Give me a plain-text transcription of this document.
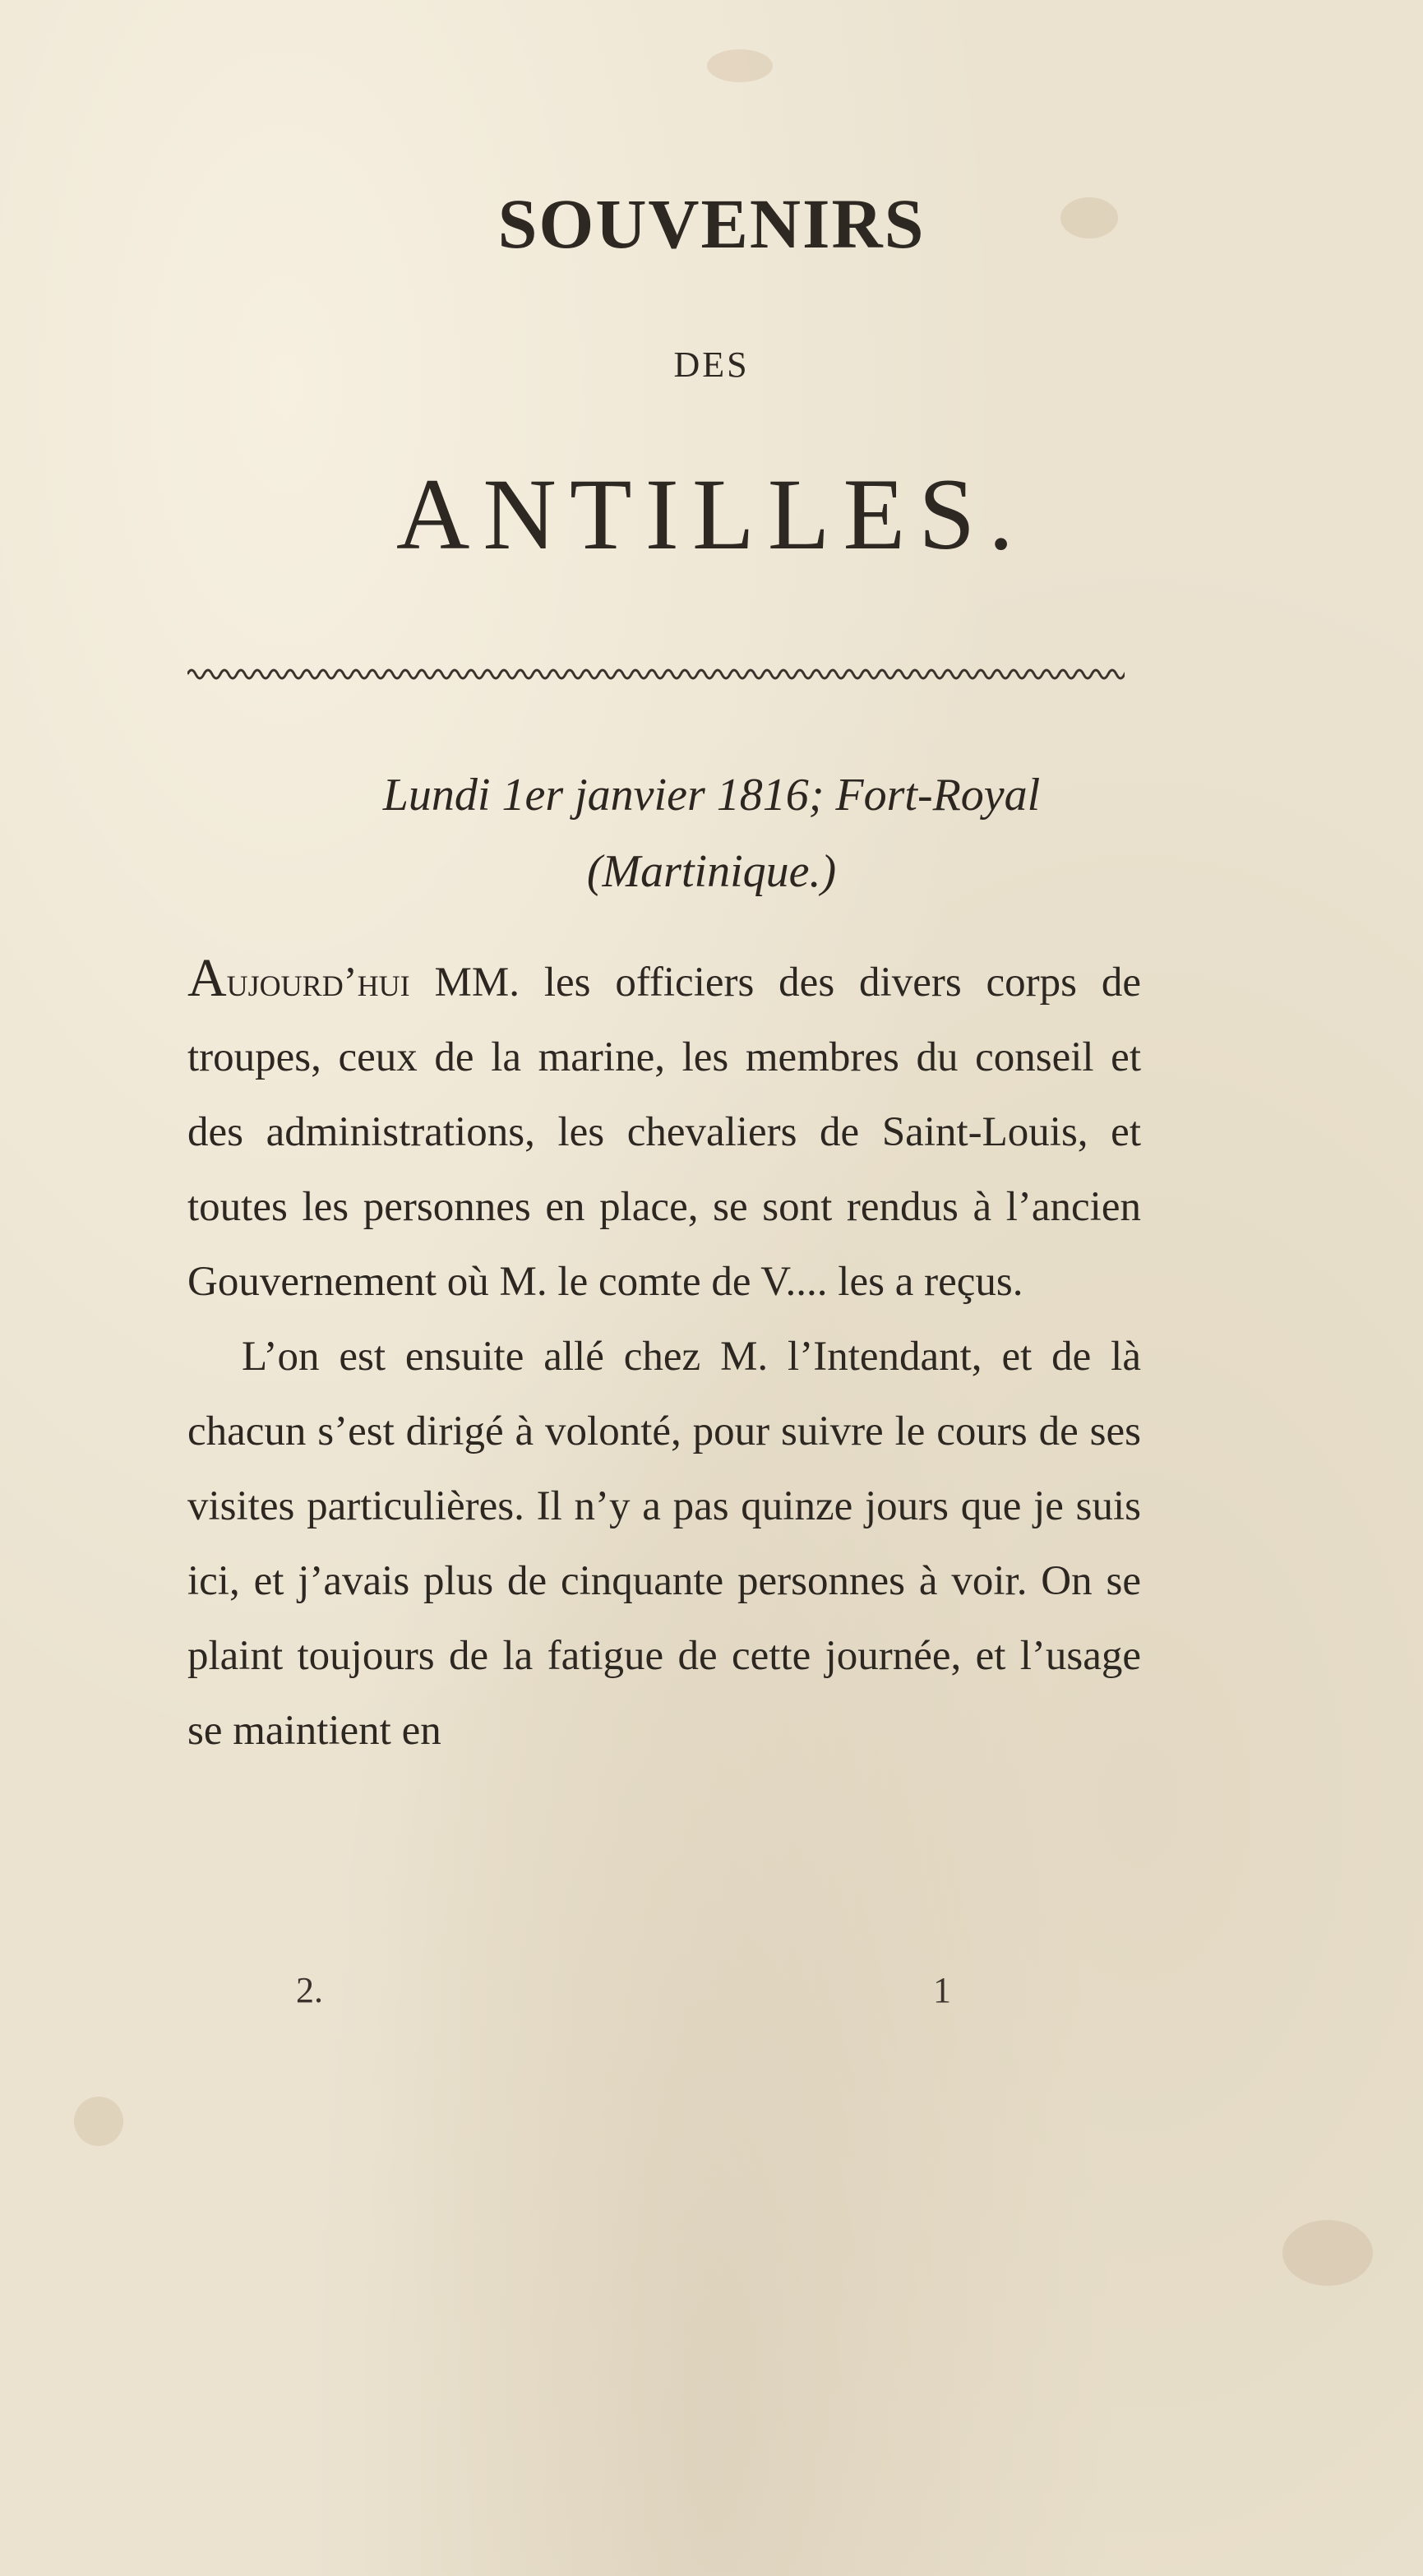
SOUVENIRS
DES
ANTILLES.
Lundi 1er janvier 1816; Fort-Royal
(Martinique.)

Aujourd’hui MM. les officiers des divers corps de troupes, ceux de la marine, les membres du conseil et des administrations, les chevaliers de Saint-Louis, et toutes les personnes en place, se sont rendus à l’ancien Gouvernement où M. le comte de V.... les a reçus.

L’on est ensuite allé chez M. l’Intendant, et de là chacun s’est dirigé à volonté, pour suivre le cours de ses visites particulières. Il n’y a pas quinze jours que je suis ici, et j’avais plus de cinquante personnes à voir. On se plaint toujours de la fatigue de cette journée, et l’usage se maintient en

2.	1
